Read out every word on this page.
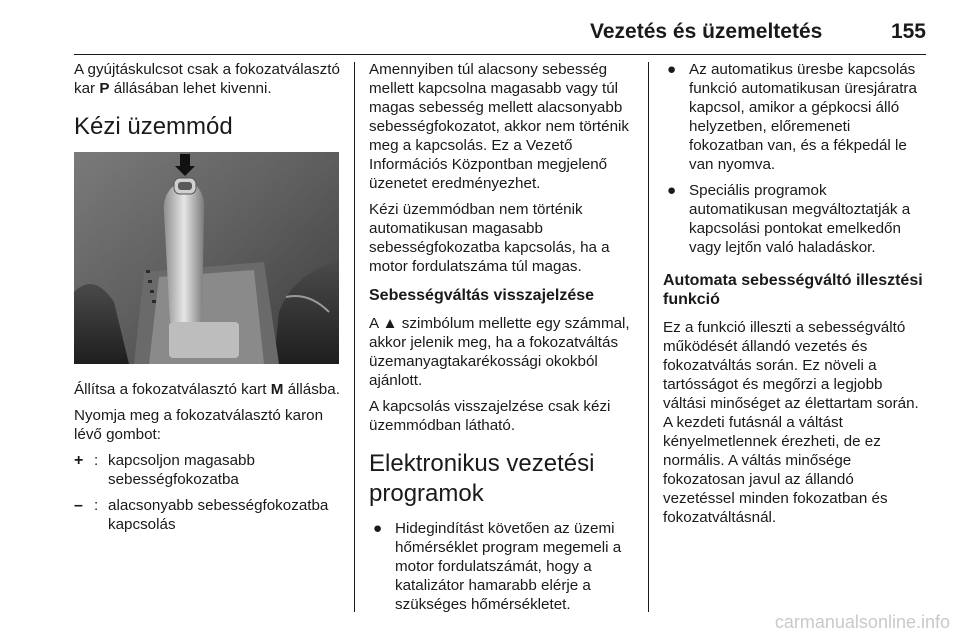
Vezetés és üzemeltetés	155

A gyújtáskulcsot csak a fokozatválasztó kar P állásában lehet kivenni.

Kézi üzemmód

Állítsa a fokozatválasztó kart M állásba.

Nyomja meg a fokozatválasztó karon lévő gombot:

+ : kapcsoljon magasabb sebességfokozatba
– : alacsonyabb sebességfokozatba kapcsolás

Amennyiben túl alacsony sebesség mellett kapcsolna magasabb vagy túl magas sebesség mellett alacsonyabb sebességfokozatot, akkor nem történik meg a kapcsolás. Ez a Vezető Információs Központban megjelenő üzenetet eredményezhet.

Kézi üzemmódban nem történik automatikusan magasabb sebességfokozatba kapcsolás, ha a motor fordulatszáma túl magas.

Sebességváltás visszajelzése

A ▲ szimbólum mellette egy számmal, akkor jelenik meg, ha a fokozatváltás üzemanyagtakarékossági okokból ajánlott.

A kapcsolás visszajelzése csak kézi üzemmódban látható.

Elektronikus vezetési programok
● Hidegindítást követően az üzemi hőmérséklet program megemeli a motor fordulatszámát, hogy a katalizátor hamarabb elérje a szükséges hőmérsékletet.
● Az automatikus üresbe kapcsolás funkció automatikusan üresjáratra kapcsol, amikor a gépkocsi álló helyzetben, előremeneti fokozatban van, és a fékpedál le van nyomva.
● Speciális programok automatikusan megváltoztatják a kapcsolási pontokat emelkedőn vagy lejtőn való haladáskor.
Automata sebességváltó illesztési funkció

Ez a funkció illeszti a sebességváltó működését állandó vezetés és fokozatváltás során. Ez növeli a tartósságot és megőrzi a legjobb váltási minőséget az élettartam során. A kezdeti futásnál a váltást kényelmetlennek érezheti, de ez normális. A váltás minősége fokozatosan javul az állandó vezetéssel minden fokozatban és fokozatváltásnál.

carmanualsonline.info
